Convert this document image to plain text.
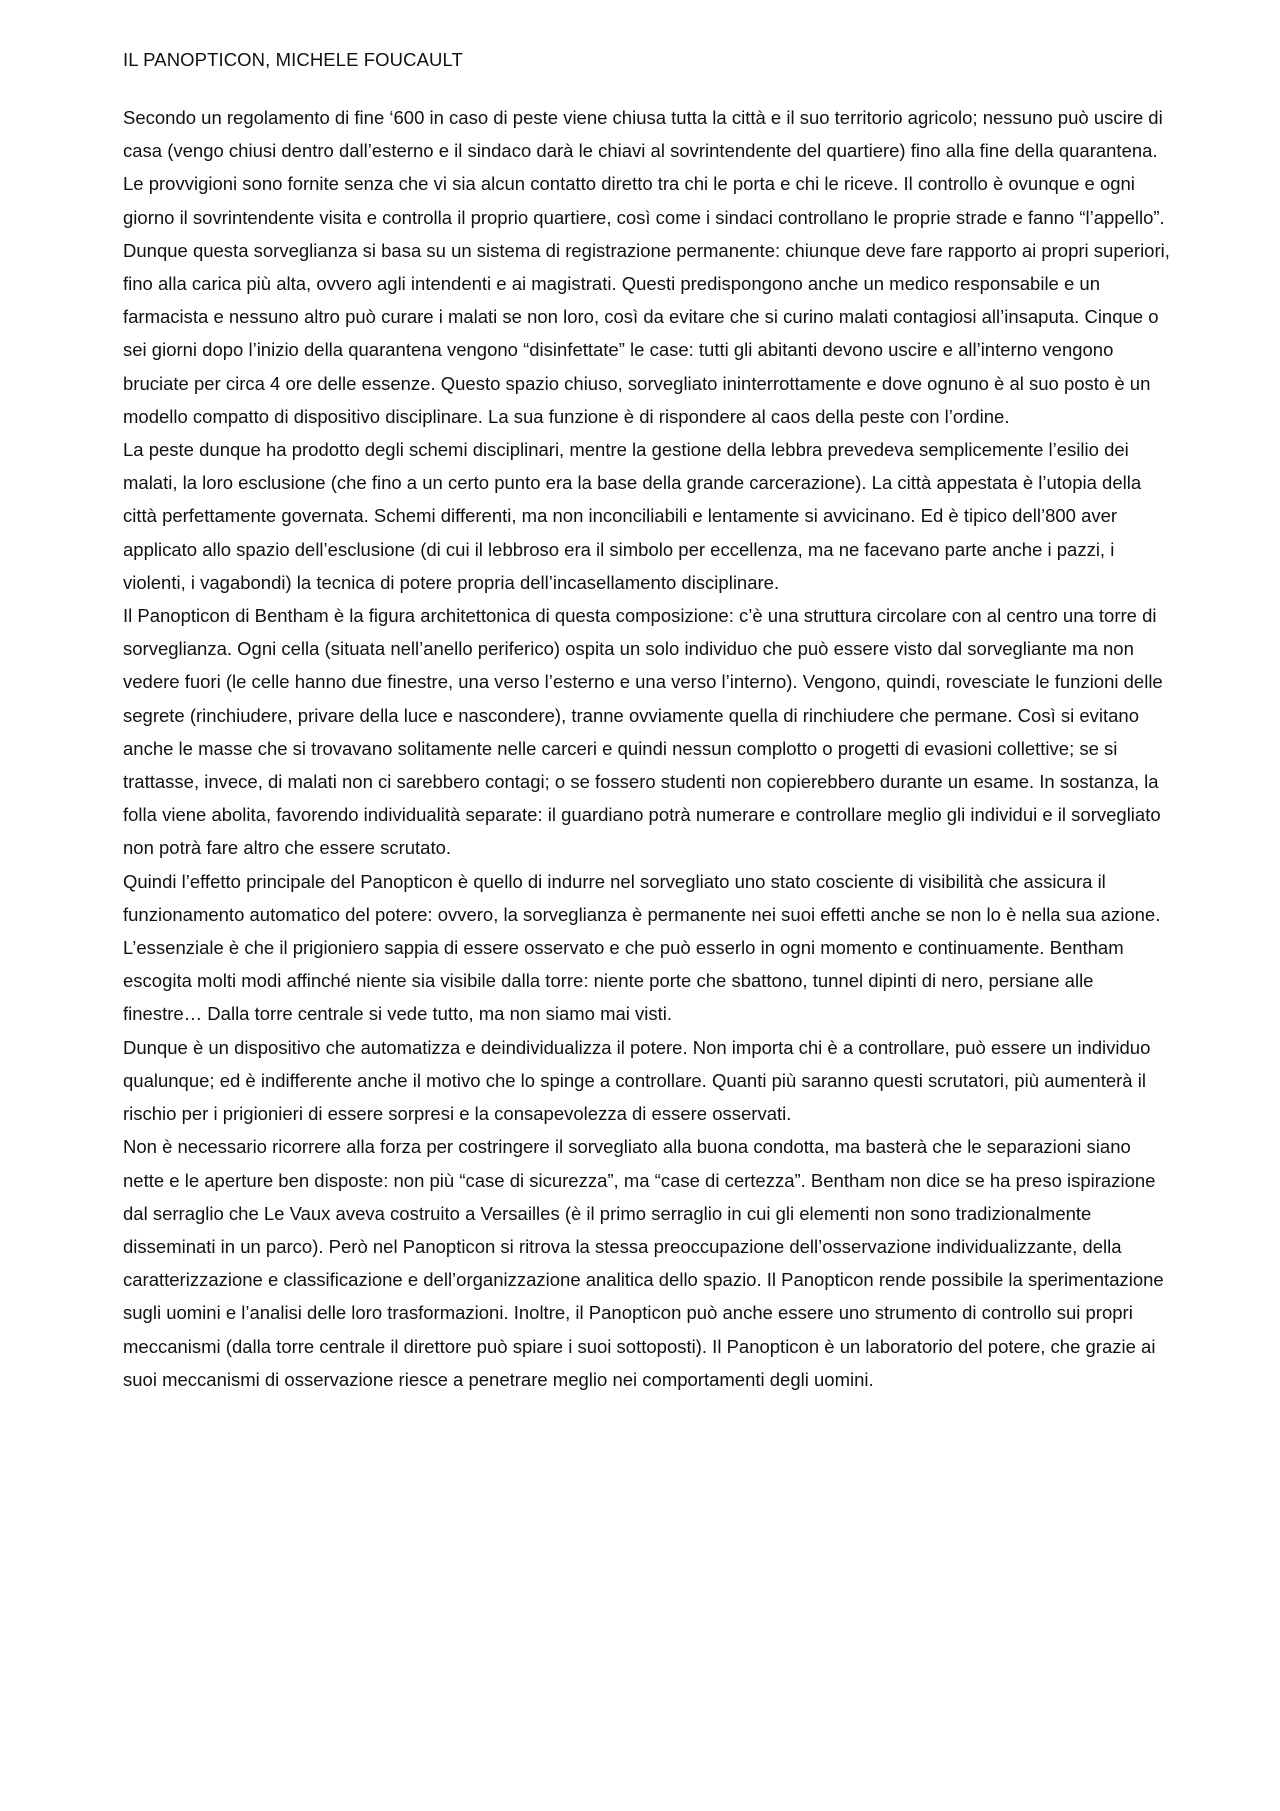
IL PANOPTICON, MICHELE FOUCAULT

Secondo un regolamento di fine ‘600 in caso di peste viene chiusa tutta la città e il suo territorio agricolo; nessuno può uscire di casa (vengo chiusi dentro dall’esterno e il sindaco darà le chiavi al sovrintendente del quartiere) fino alla fine della quarantena. Le provvigioni sono fornite senza che vi sia alcun contatto diretto tra chi le porta e chi le riceve. Il controllo è ovunque e ogni giorno il sovrintendente visita e controlla il proprio quartiere, così come i sindaci controllano le proprie strade e fanno “l’appello”. Dunque questa sorveglianza si basa su un sistema di registrazione permanente: chiunque deve fare rapporto ai propri superiori, fino alla carica più alta, ovvero agli intendenti e ai magistrati. Questi predispongono anche un medico responsabile e un farmacista e nessuno altro può curare i malati se non loro, così da evitare che si curino malati contagiosi all’insaputa. Cinque o sei giorni dopo l’inizio della quarantena vengono “disinfettate” le case: tutti gli abitanti devono uscire e all’interno vengono bruciate per circa 4 ore delle essenze. Questo spazio chiuso, sorvegliato ininterrottamente e dove ognuno è al suo posto è un modello compatto di dispositivo disciplinare. La sua funzione è di rispondere al caos della peste con l’ordine.

La peste dunque ha prodotto degli schemi disciplinari, mentre la gestione della lebbra prevedeva semplicemente l’esilio dei malati, la loro esclusione (che fino a un certo punto era la base della grande carcerazione). La città appestata è l’utopia della città perfettamente governata. Schemi differenti, ma non inconciliabili e lentamente si avvicinano. Ed è tipico dell’800 aver applicato allo spazio dell’esclusione (di cui il lebbroso era il simbolo per eccellenza, ma ne facevano parte anche i pazzi, i violenti, i vagabondi) la tecnica di potere propria dell’incasellamento disciplinare.

Il Panopticon di Bentham è la figura architettonica di questa composizione: c’è una struttura circolare con al centro una torre di sorveglianza. Ogni cella (situata nell’anello periferico) ospita un solo individuo che può essere visto dal sorvegliante ma non vedere fuori (le celle hanno due finestre, una verso l’esterno e una verso l’interno). Vengono, quindi, rovesciate le funzioni delle segrete (rinchiudere, privare della luce e nascondere), tranne ovviamente quella di rinchiudere che permane. Così si evitano anche le masse che si trovavano solitamente nelle carceri e quindi nessun complotto o progetti di evasioni collettive; se si trattasse, invece, di malati non ci sarebbero contagi; o se fossero studenti non copierebbero durante un esame. In sostanza, la folla viene abolita, favorendo individualità separate: il guardiano potrà numerare e controllare meglio gli individui e il sorvegliato non potrà fare altro che essere scrutato.

Quindi l’effetto principale del Panopticon è quello di indurre nel sorvegliato uno stato cosciente di visibilità che assicura il funzionamento automatico del potere: ovvero, la sorveglianza è permanente nei suoi effetti anche se non lo è nella sua azione. L’essenziale è che il prigioniero sappia di essere osservato e che può esserlo in ogni momento e continuamente. Bentham escogita molti modi affinché niente sia visibile dalla torre: niente porte che sbattono, tunnel dipinti di nero, persiane alle finestre… Dalla torre centrale si vede tutto, ma non siamo mai visti.

Dunque è un dispositivo che automatizza e deindividualizza il potere. Non importa chi è a controllare, può essere un individuo qualunque; ed è indifferente anche il motivo che lo spinge a controllare. Quanti più saranno questi scrutatori, più aumenterà il rischio per i prigionieri di essere sorpresi e la consapevolezza di essere osservati.

Non è necessario ricorrere alla forza per costringere il sorvegliato alla buona condotta, ma basterà che le separazioni siano nette e le aperture ben disposte: non più “case di sicurezza”, ma “case di certezza”. Bentham non dice se ha preso ispirazione dal serraglio che Le Vaux aveva costruito a Versailles (è il primo serraglio in cui gli elementi non sono tradizionalmente disseminati in un parco). Però nel Panopticon si ritrova la stessa preoccupazione dell’osservazione individualizzante, della caratterizzazione e classificazione e dell’organizzazione analitica dello spazio. Il Panopticon rende possibile la sperimentazione sugli uomini e l’analisi delle loro trasformazioni. Inoltre, il Panopticon può anche essere uno strumento di controllo sui propri meccanismi (dalla torre centrale il direttore può spiare i suoi sottoposti). Il Panopticon è un laboratorio del potere, che grazie ai suoi meccanismi di osservazione riesce a penetrare meglio nei comportamenti degli uomini.
